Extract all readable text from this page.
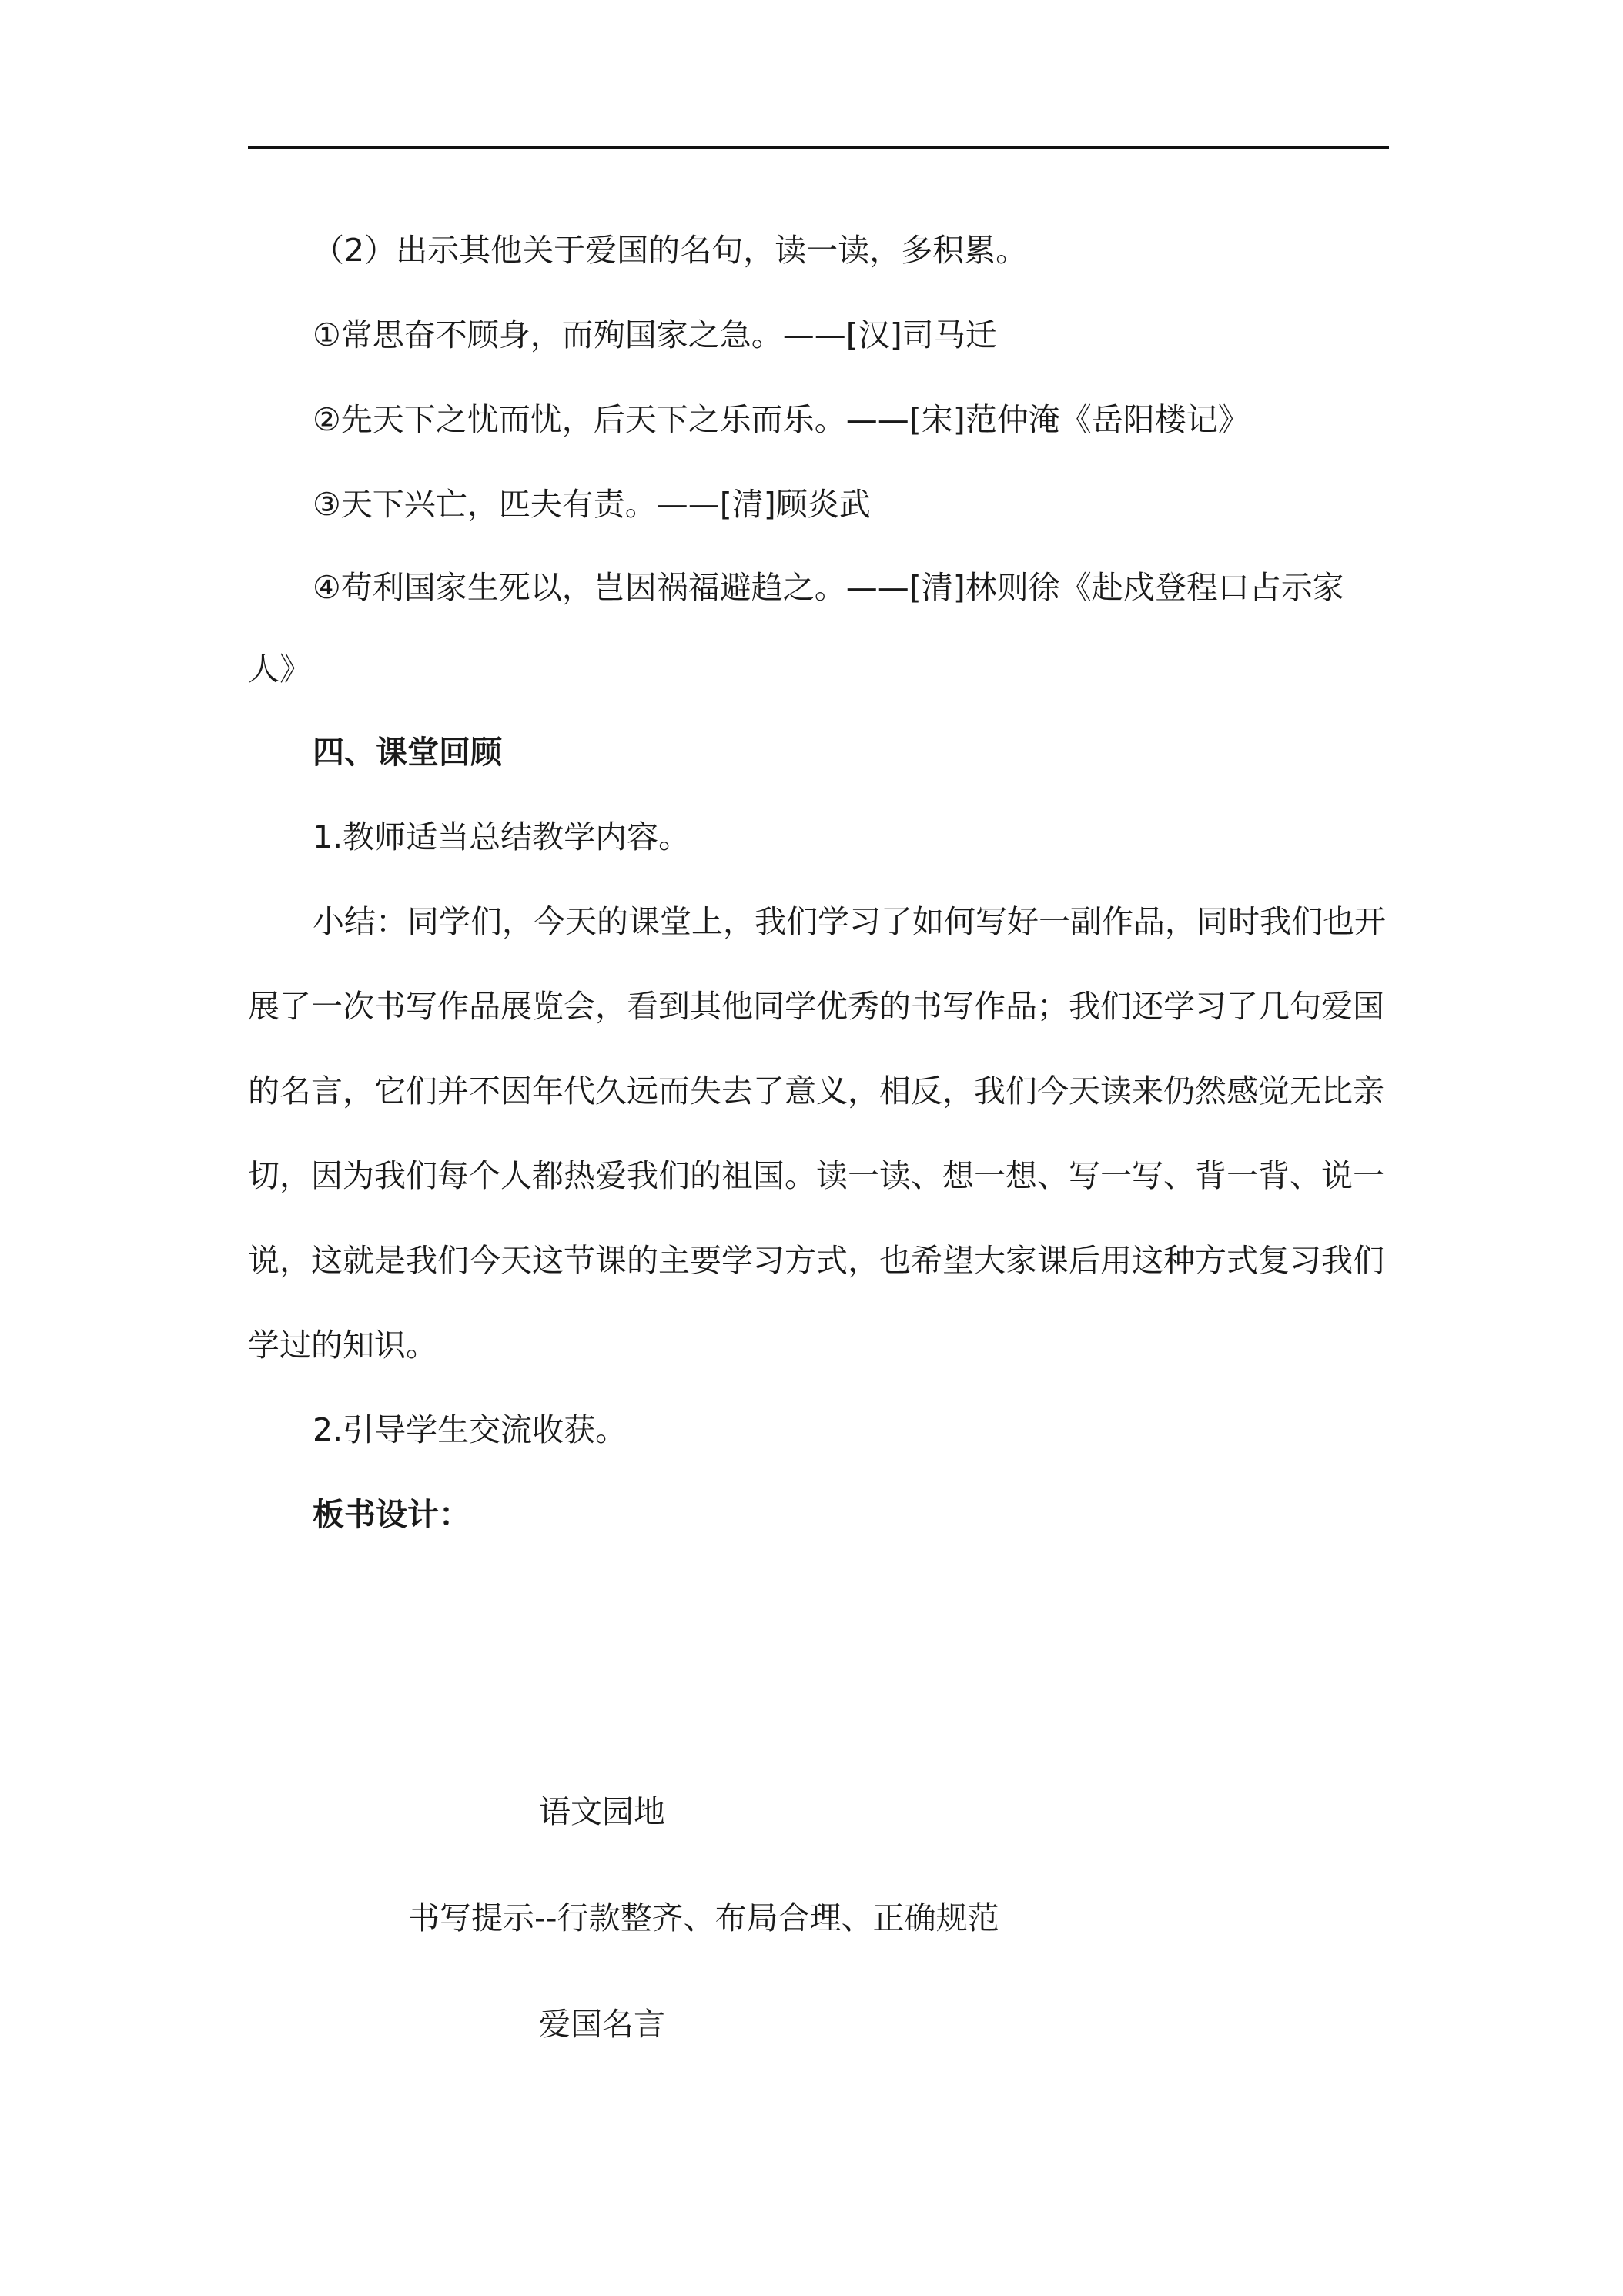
（2）出示其他关于爱国的名句，读一读，多积累。

①常思奋不顾身，而殉国家之急。——[汉]司马迁

②先天下之忧而忧，后天下之乐而乐。——[宋]范仲淹《岳阳楼记》

③天下兴亡，匹夫有责。——[清]顾炎武

④苟利国家生死以，岂因祸福避趋之。——[清]林则徐《赴戍登程口占示家人》

四、课堂回顾

1.教师适当总结教学内容。

小结：同学们，今天的课堂上，我们学习了如何写好一副作品，同时我们也开展了一次书写作品展览会，看到其他同学优秀的书写作品；我们还学习了几句爱国的名言，它们并不因年代久远而失去了意义，相反，我们今天读来仍然感觉无比亲切，因为我们每个人都热爱我们的祖国。读一读、想一想、写一写、背一背、说一说，这就是我们今天这节课的主要学习方式，也希望大家课后用这种方式复习我们学过的知识。

2.引导学生交流收获。

板书设计：

语文园地
书写提示--行款整齐、布局合理、正确规范
爱国名言
